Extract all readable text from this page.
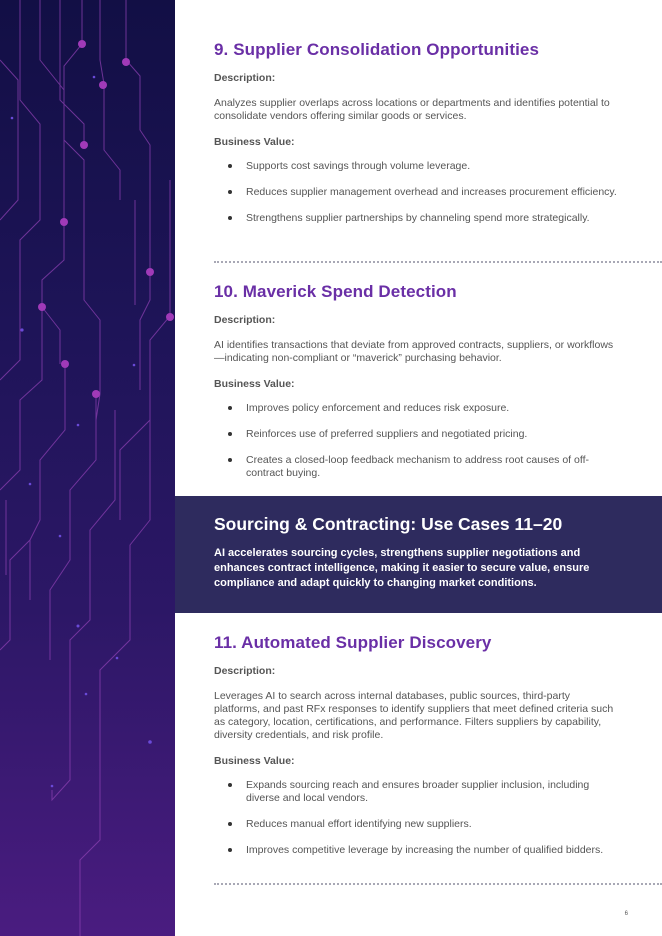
9. Supplier Consolidation Opportunities
Description:
Analyzes supplier overlaps across locations or departments and identifies potential to consolidate vendors offering similar goods or services.
Business Value:
Supports cost savings through volume leverage.
Reduces supplier management overhead and increases procurement efficiency.
Strengthens supplier partnerships by channeling spend more strategically.
10. Maverick Spend Detection
Description:
AI identifies transactions that deviate from approved contracts, suppliers, or workflows—indicating non-compliant or “maverick” purchasing behavior.
Business Value:
Improves policy enforcement and reduces risk exposure.
Reinforces use of preferred suppliers and negotiated pricing.
Creates a closed-loop feedback mechanism to address root causes of off-contract buying.
Sourcing & Contracting: Use Cases 11–20
AI accelerates sourcing cycles, strengthens supplier negotiations and enhances contract intelligence, making it easier to secure value, ensure compliance and adapt quickly to changing market conditions.
11. Automated Supplier Discovery
Description:
Leverages AI to search across internal databases, public sources, third-party platforms, and past RFx responses to identify suppliers that meet defined criteria such as category, location, certifications, and performance. Filters suppliers by capability, diversity credentials, and risk profile.
Business Value:
Expands sourcing reach and ensures broader supplier inclusion, including diverse and local vendors.
Reduces manual effort identifying new suppliers.
Improves competitive leverage by increasing the number of qualified bidders.
6
